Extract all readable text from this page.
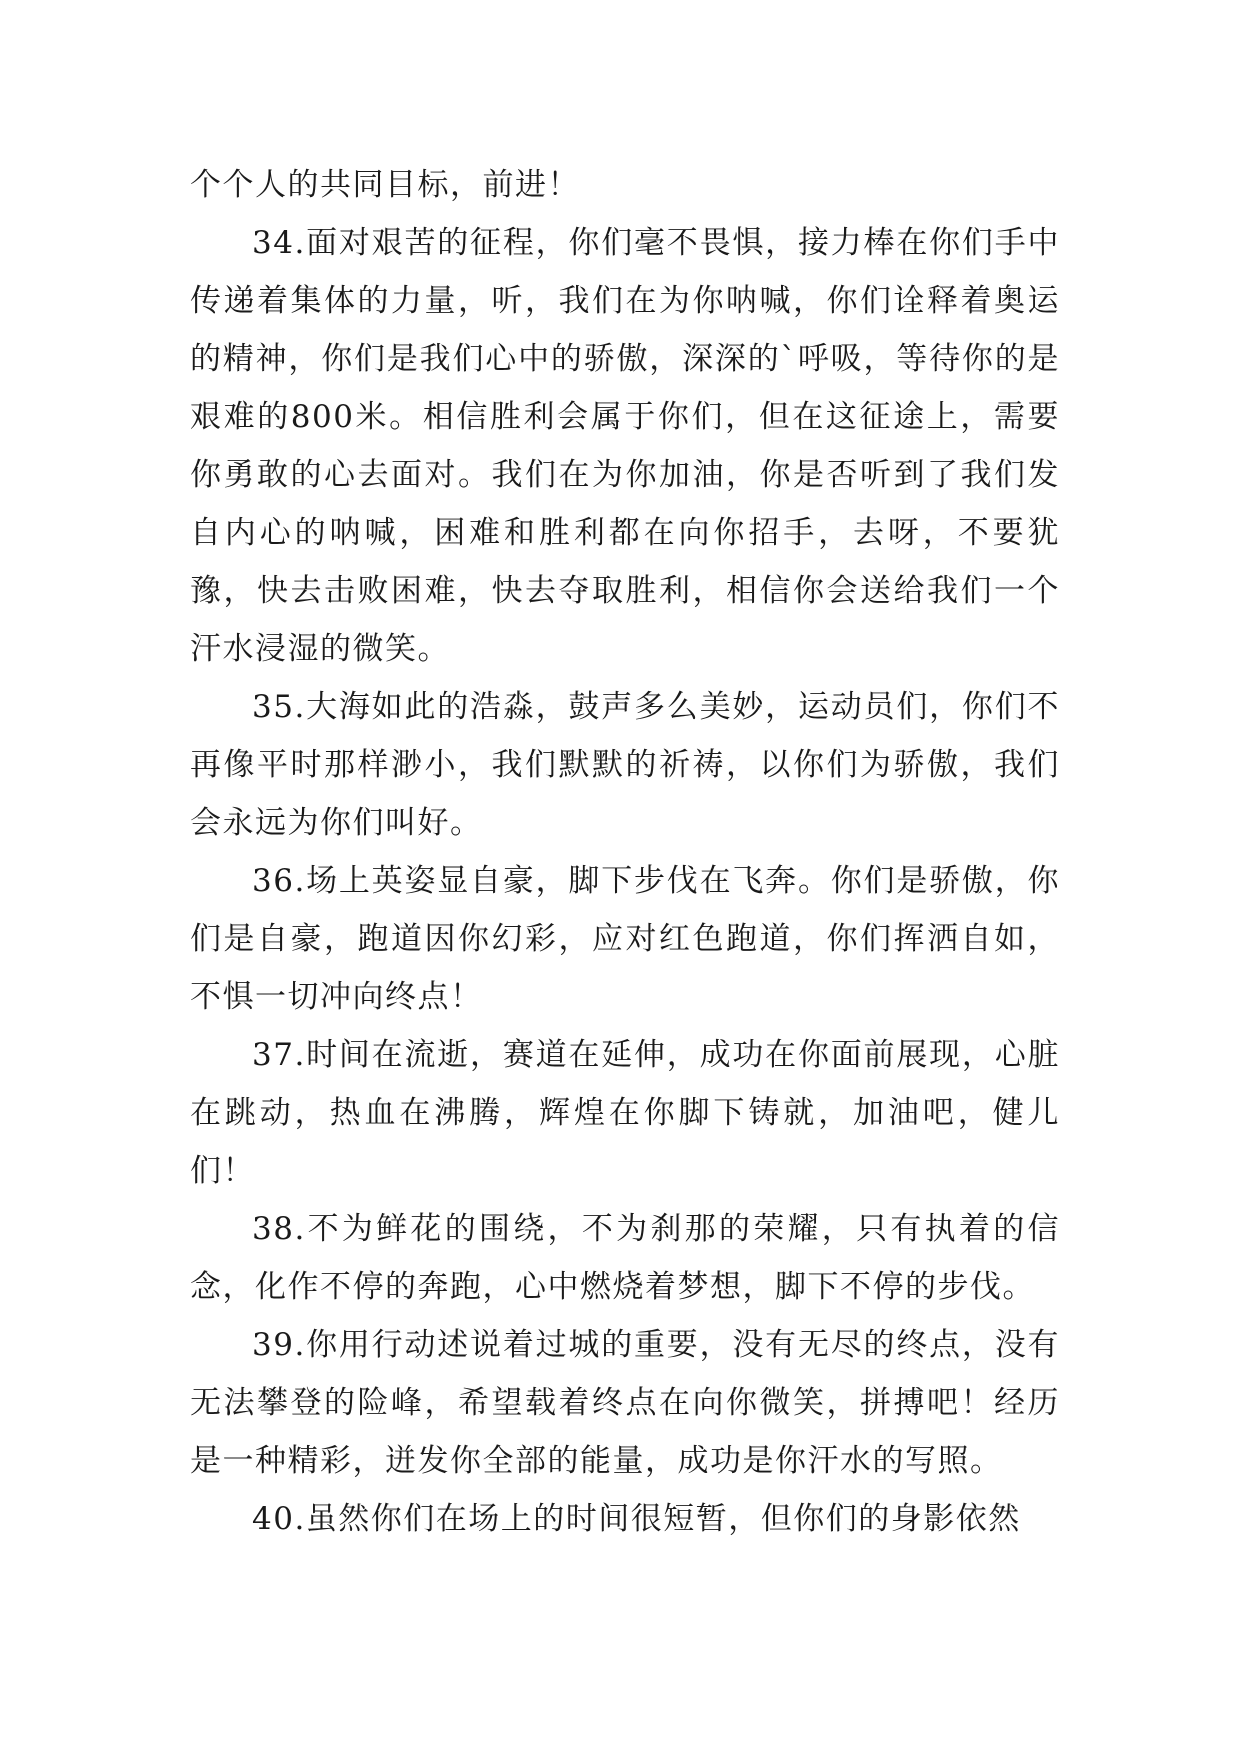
个个人的共同目标，前进！

34.面对艰苦的征程，你们毫不畏惧，接力棒在你们手中传递着集体的力量，听，我们在为你呐喊，你们诠释着奥运的精神，你们是我们心中的骄傲，深深的`呼吸，等待你的是艰难的800米。相信胜利会属于你们，但在这征途上，需要你勇敢的心去面对。我们在为你加油，你是否听到了我们发自内心的呐喊，困难和胜利都在向你招手，去呀，不要犹豫，快去击败困难，快去夺取胜利，相信你会送给我们一个汗水浸湿的微笑。

35.大海如此的浩淼，鼓声多么美妙，运动员们，你们不再像平时那样渺小，我们默默的祈祷，以你们为骄傲，我们会永远为你们叫好。

36.场上英姿显自豪，脚下步伐在飞奔。你们是骄傲，你们是自豪，跑道因你幻彩，应对红色跑道，你们挥洒自如，不惧一切冲向终点！

37.时间在流逝，赛道在延伸，成功在你面前展现，心脏在跳动，热血在沸腾，辉煌在你脚下铸就，加油吧，健儿们！

38.不为鲜花的围绕，不为刹那的荣耀，只有执着的信念，化作不停的奔跑，心中燃烧着梦想，脚下不停的步伐。

39.你用行动述说着过城的重要，没有无尽的终点，没有无法攀登的险峰，希望载着终点在向你微笑，拼搏吧！经历是一种精彩，迸发你全部的能量，成功是你汗水的写照。

40.虽然你们在场上的时间很短暂，但你们的身影依然
